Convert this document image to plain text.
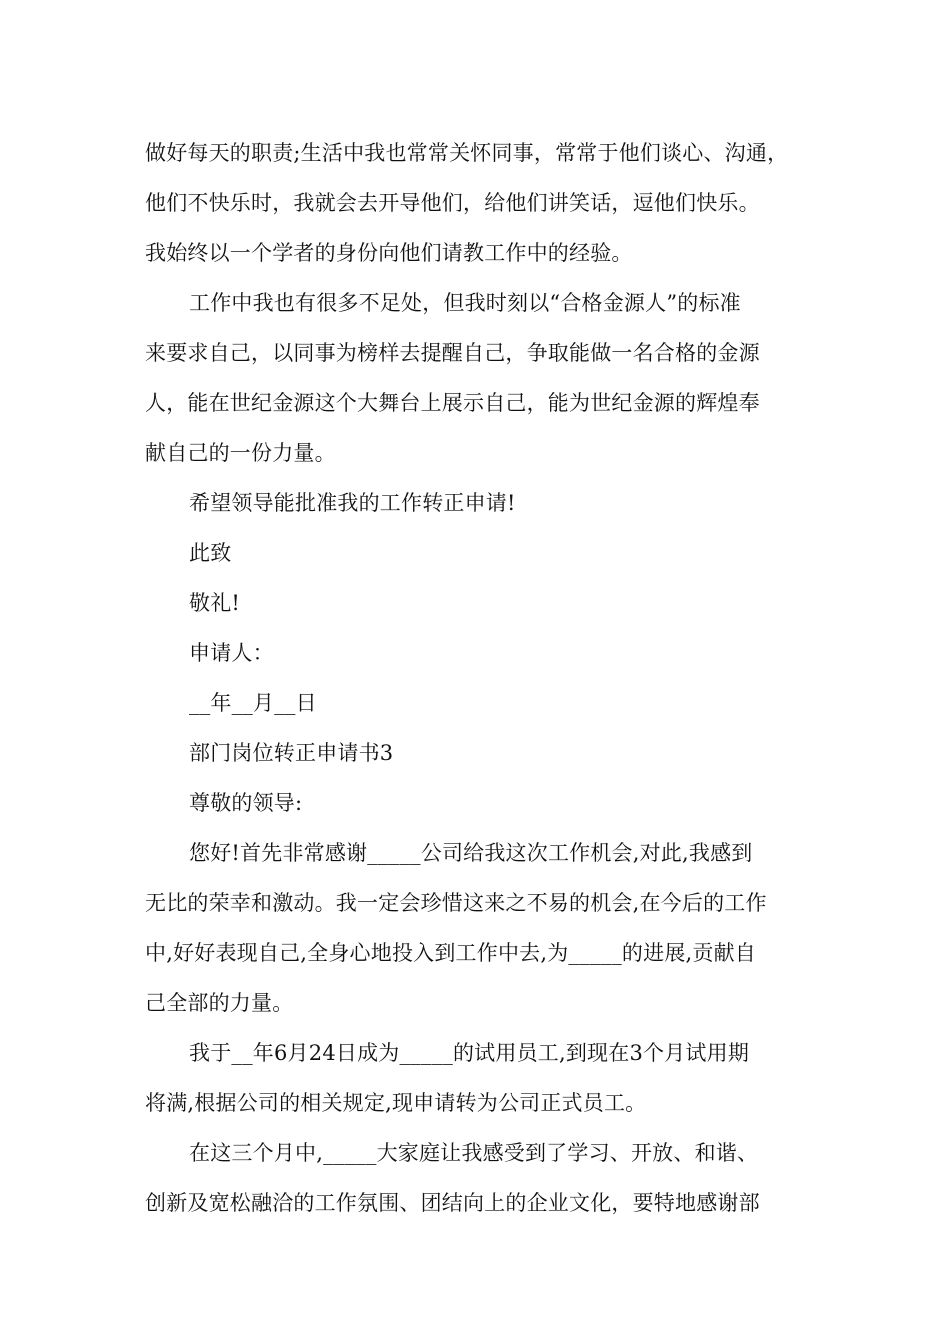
做好每天的职责;生活中我也常常关怀同事，常常于他们谈心、沟通，
他们不快乐时，我就会去开导他们，给他们讲笑话，逗他们快乐。
我始终以一个学者的身份向他们请教工作中的经验。
工作中我也有很多不足处，但我时刻以“合格金源人”的标准
来要求自己，以同事为榜样去提醒自己，争取能做一名合格的金源
人，能在世纪金源这个大舞台上展示自己，能为世纪金源的辉煌奉
献自己的一份力量。
希望领导能批准我的工作转正申请!
此致
敬礼!
申请人：
__年__月__日
部门岗位转正申请书3
尊敬的领导:
您好!首先非常感谢_____公司给我这次工作机会,对此,我感到
无比的荣幸和激动。我一定会珍惜这来之不易的机会,在今后的工作
中,好好表现自己,全身心地投入到工作中去,为_____的进展,贡献自
己全部的力量。
我于__年6月24日成为_____的试用员工,到现在3个月试用期
将满,根据公司的相关规定,现申请转为公司正式员工。
在这三个月中,_____大家庭让我感受到了学习、开放、和谐、
创新及宽松融洽的工作氛围、团结向上的企业文化，要特地感谢部
